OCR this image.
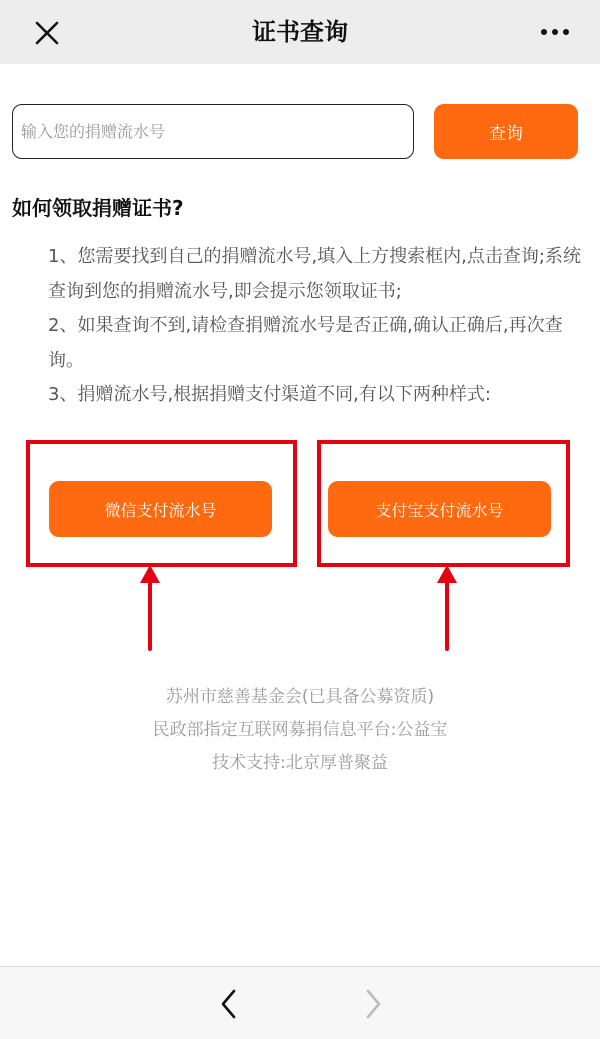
证书查询
输入您的捐赠流水号
查询
如何领取捐赠证书?

1、您需要找到自己的捐赠流水号,填入上方搜索框内,点击查询;系统查询到您的捐赠流水号,即会提示您领取证书;

2、如果查询不到,请检查捐赠流水号是否正确,确认正确后,再次查询。

3、捐赠流水号,根据捐赠支付渠道不同,有以下两种样式:

微信支付流水号	支付宝支付流水号
苏州市慈善基金会(已具备公募资质)
民政部指定互联网募捐信息平台:公益宝
技术支持:北京厚普聚益
